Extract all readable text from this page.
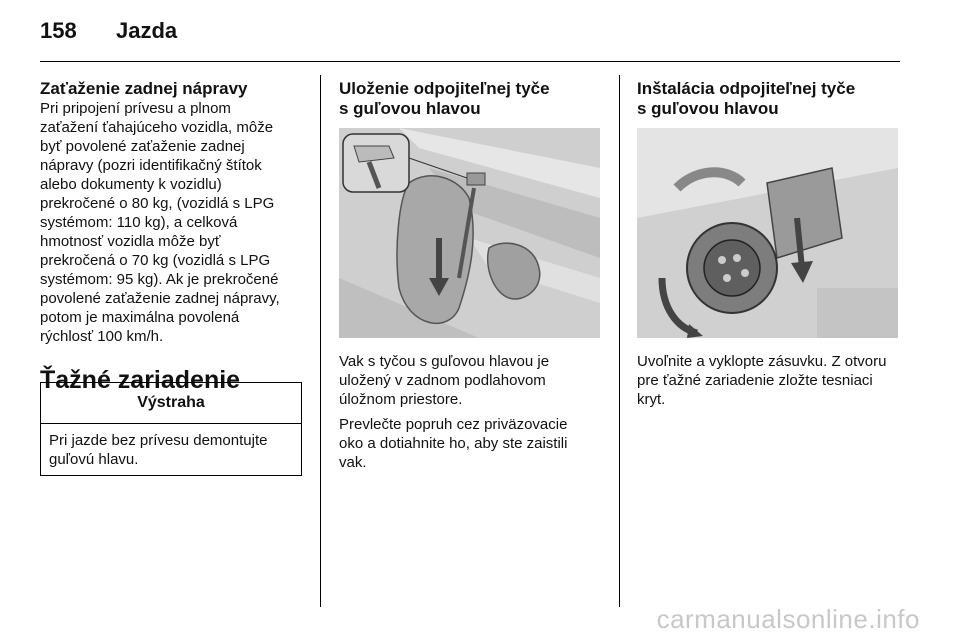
158 Jazda
Zaťaženie zadnej nápravy
Pri pripojení prívesu a plnom
zaťažení ťahajúceho vozidla, môže
byť povolené zaťaženie zadnej
nápravy (pozri identifikačný štítok
alebo dokumenty k vozidlu)
prekročené o 80 kg, (vozidlá s LPG
systémom: 110 kg), a celková
hmotnosť vozidla môže byť
prekročená o 70 kg (vozidlá s LPG
systémom: 95 kg). Ak je prekročené
povolené zaťaženie zadnej nápravy,
potom je maximálna povolená
rýchlosť 100 km/h.
Ťažné zariadenie
Výstraha
Pri jazde bez prívesu demontujte
guľovú hlavu.
Uloženie odpojiteľnej tyče
s guľovou hlavou
Vak s tyčou s guľovou hlavou je
uložený v zadnom podlahovom
úložnom priestore.
Prevlečte popruh cez priväzovacie
oko a dotiahnite ho, aby ste zaistili
vak.
Inštalácia odpojiteľnej tyče
s guľovou hlavou
Uvoľnite a vyklopte zásuvku. Z otvoru
pre ťažné zariadenie zložte tesniaci
kryt.
carmanualsonline.info
